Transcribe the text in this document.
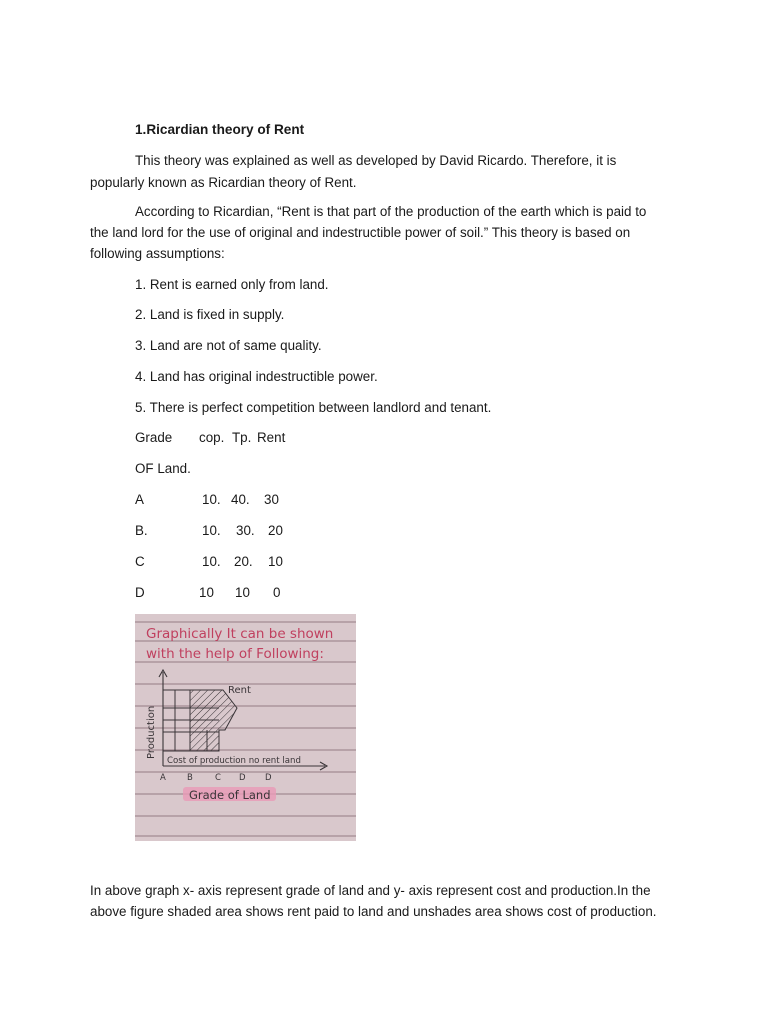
1.Ricardian theory of Rent
This theory was explained as well as developed by David Ricardo. Therefore, it is
popularly known as Ricardian theory of Rent.
According to Ricardian, “Rent is that part of the production of the earth which is paid to
the land lord for the use of original and indestructible power of soil.” This theory is based on
following assumptions:
1. Rent is earned only from land.
2. Land is fixed in supply.
3. Land are not of same quality.
4. Land has original indestructible power.
5. There is perfect competition between landlord and tenant.
Grade cop. Tp. Rent
OF Land.
A	10. 40. 30
B.	10. 30. 20
C	10. 20. 10
D	10 10 0
Graphically It can be shown
with the help of Following:
Rent
Production
Cost of production no rent land
A B	C D D
Grade of Land
In above graph x- axis represent grade of land and y- axis represent cost and production.In the
above figure shaded area shows rent paid to land and unshades area shows cost of production.
